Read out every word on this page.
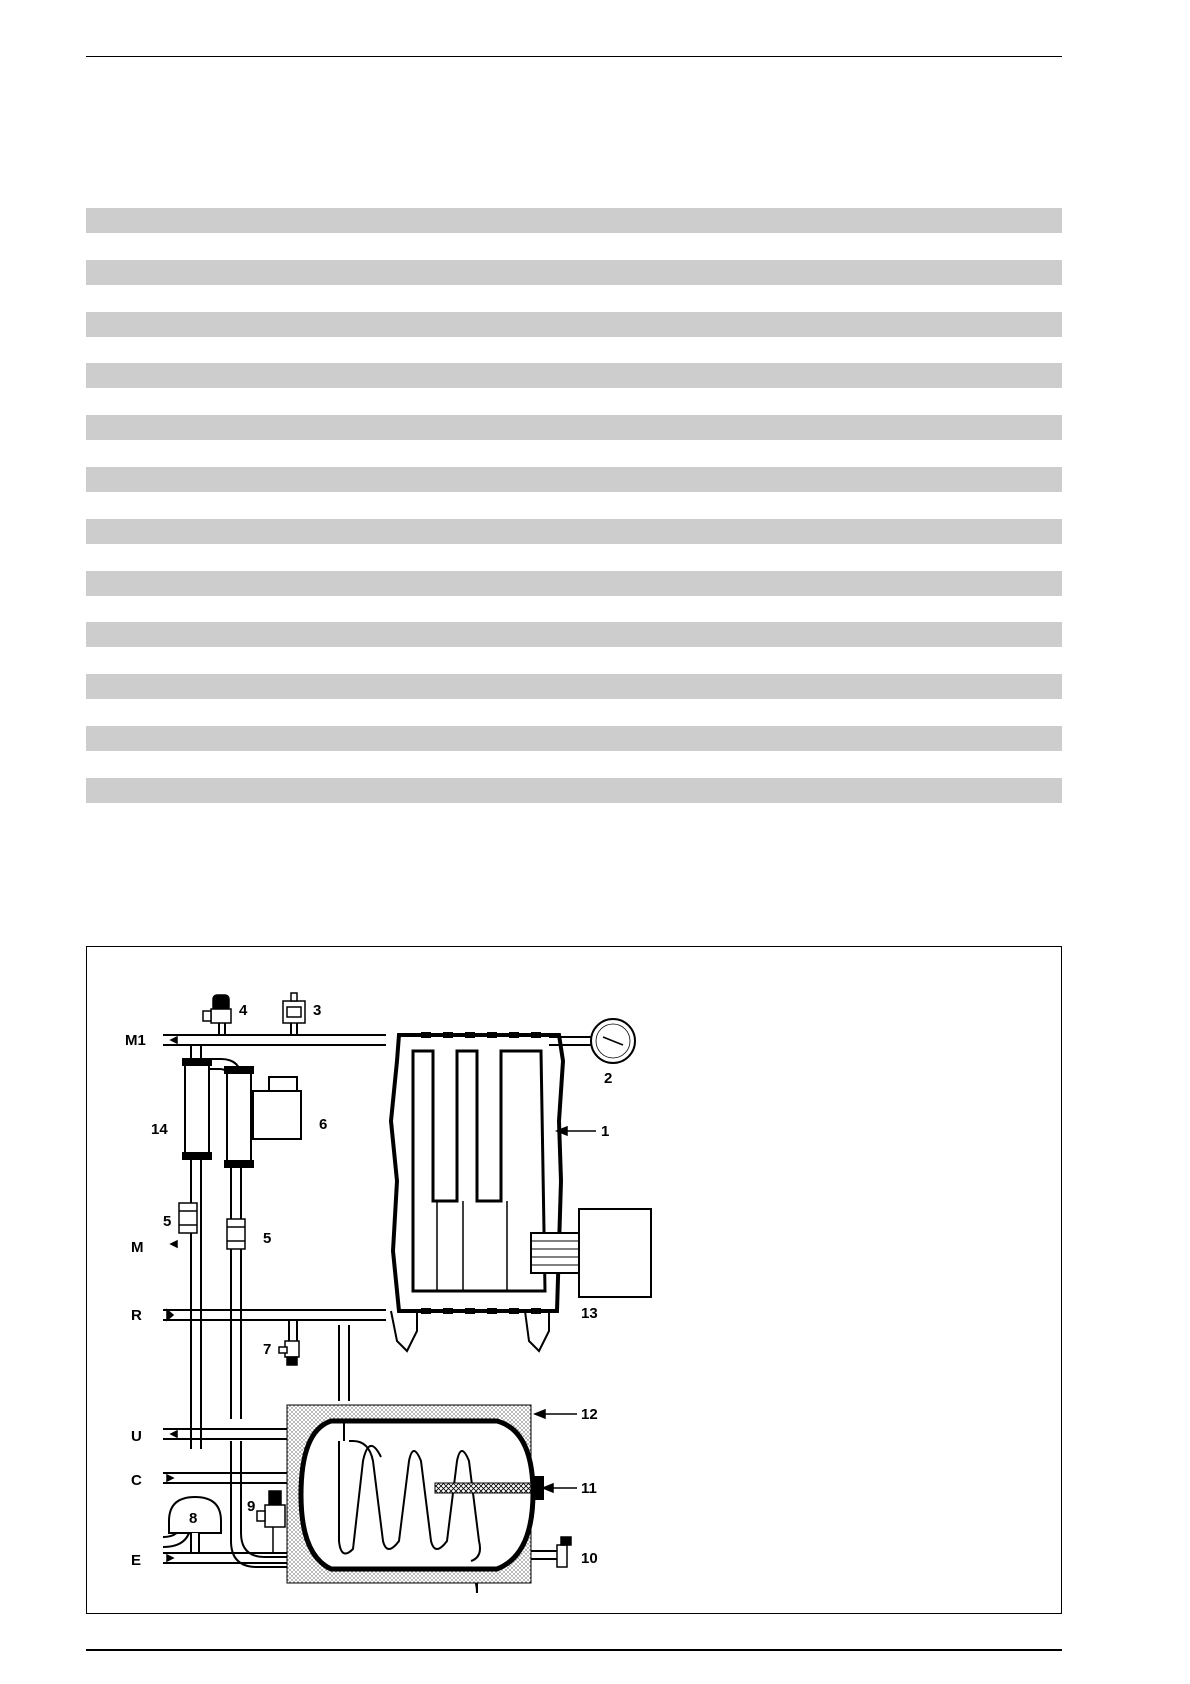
M1
M
R
U
C
E
1
2
3
4
5
5
6
7
8
9
10
11
12
13
14
